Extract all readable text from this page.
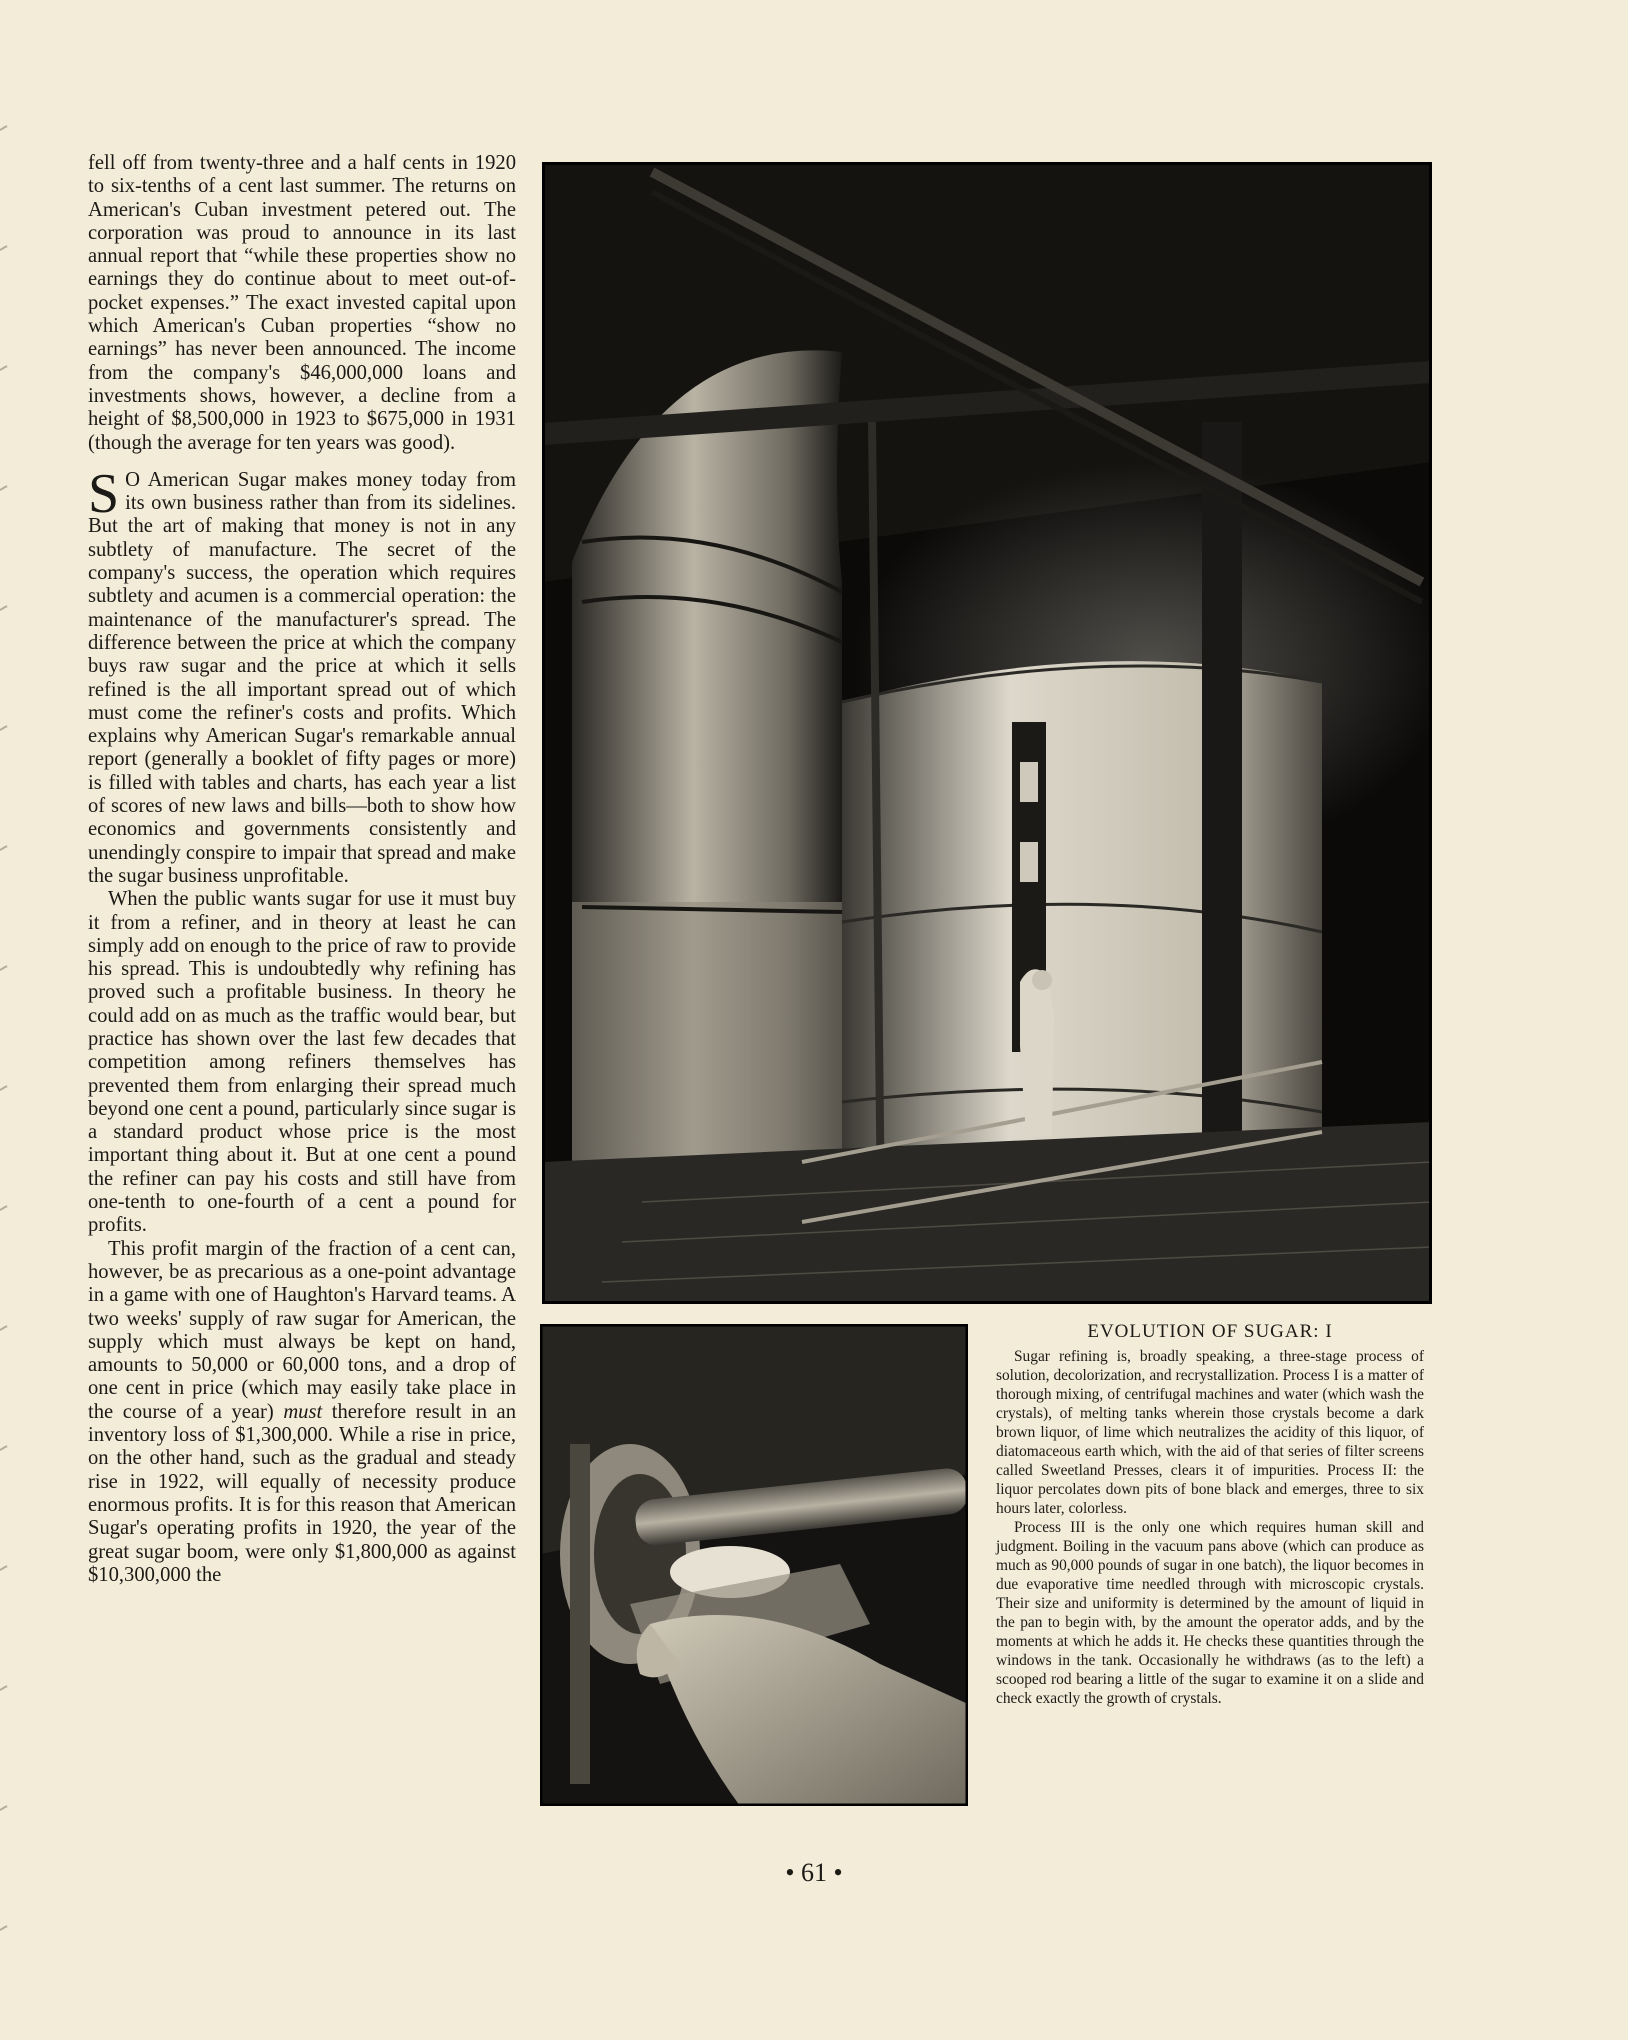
fell off from twenty-three and a half cents in 1920 to six-tenths of a cent last summer. The returns on American's Cuban investment petered out. The corporation was proud to announce in its last annual report that “while these properties show no earnings they do continue about to meet out-of-pocket expenses.” The exact invested capital upon which American's Cuban properties “show no earnings” has never been announced. The income from the company's $46,000,000 loans and investments shows, however, a decline from a height of $8,500,000 in 1923 to $675,000 in 1931 (though the average for ten years was good).

S O American Sugar makes money today from its own business rather than from its sidelines. But the art of making that money is not in any subtlety of manufacture. The secret of the company's success, the operation which requires subtlety and acumen is a commercial operation: the maintenance of the manufacturer's spread. The difference between the price at which the company buys raw sugar and the price at which it sells refined is the all important spread out of which must come the refiner's costs and profits. Which explains why American Sugar's remarkable annual report (generally a booklet of fifty pages or more) is filled with tables and charts, has each year a list of scores of new laws and bills—both to show how economics and governments consistently and unendingly conspire to impair that spread and make the sugar business unprofitable.

When the public wants sugar for use it must buy it from a refiner, and in theory at least he can simply add on enough to the price of raw to provide his spread. This is undoubtedly why refining has proved such a profitable business. In theory he could add on as much as the traffic would bear, but practice has shown over the last few decades that competition among refiners themselves has prevented them from enlarging their spread much beyond one cent a pound, particularly since sugar is a standard product whose price is the most important thing about it. But at one cent a pound the refiner can pay his costs and still have from one-tenth to one-fourth of a cent a pound for profits.

This profit margin of the fraction of a cent can, however, be as precarious as a one-point advantage in a game with one of Haughton's Harvard teams. A two weeks' supply of raw sugar for American, the supply which must always be kept on hand, amounts to 50,000 or 60,000 tons, and a drop of one cent in price (which may easily take place in the course of a year) must therefore result in an inventory loss of $1,300,000. While a rise in price, on the other hand, such as the gradual and steady rise in 1922, will equally of necessity produce enormous profits. It is for this reason that American Sugar's operating profits in 1920, the year of the great sugar boom, were only $1,800,000 as against $10,300,000 the

EVOLUTION OF SUGAR: I

Sugar refining is, broadly speaking, a three-stage process of solution, decolorization, and recrystallization. Process I is a matter of thorough mixing, of centrifugal machines and water (which wash the crystals), of melting tanks wherein those crystals become a dark brown liquor, of lime which neutralizes the acidity of this liquor, of diatomaceous earth which, with the aid of that series of filter screens called Sweetland Presses, clears it of impurities. Process II: the liquor percolates down pits of bone black and emerges, three to six hours later, colorless.

Process III is the only one which requires human skill and judgment. Boiling in the vacuum pans above (which can produce as much as 90,000 pounds of sugar in one batch), the liquor becomes in due evaporative time needled through with microscopic crystals. Their size and uniformity is determined by the amount of liquid in the pan to begin with, by the amount the operator adds, and by the moments at which he adds it. He checks these quantities through the windows in the tank. Occasionally he withdraws (as to the left) a scooped rod bearing a little of the sugar to examine it on a slide and check exactly the growth of crystals.

• 61 •
